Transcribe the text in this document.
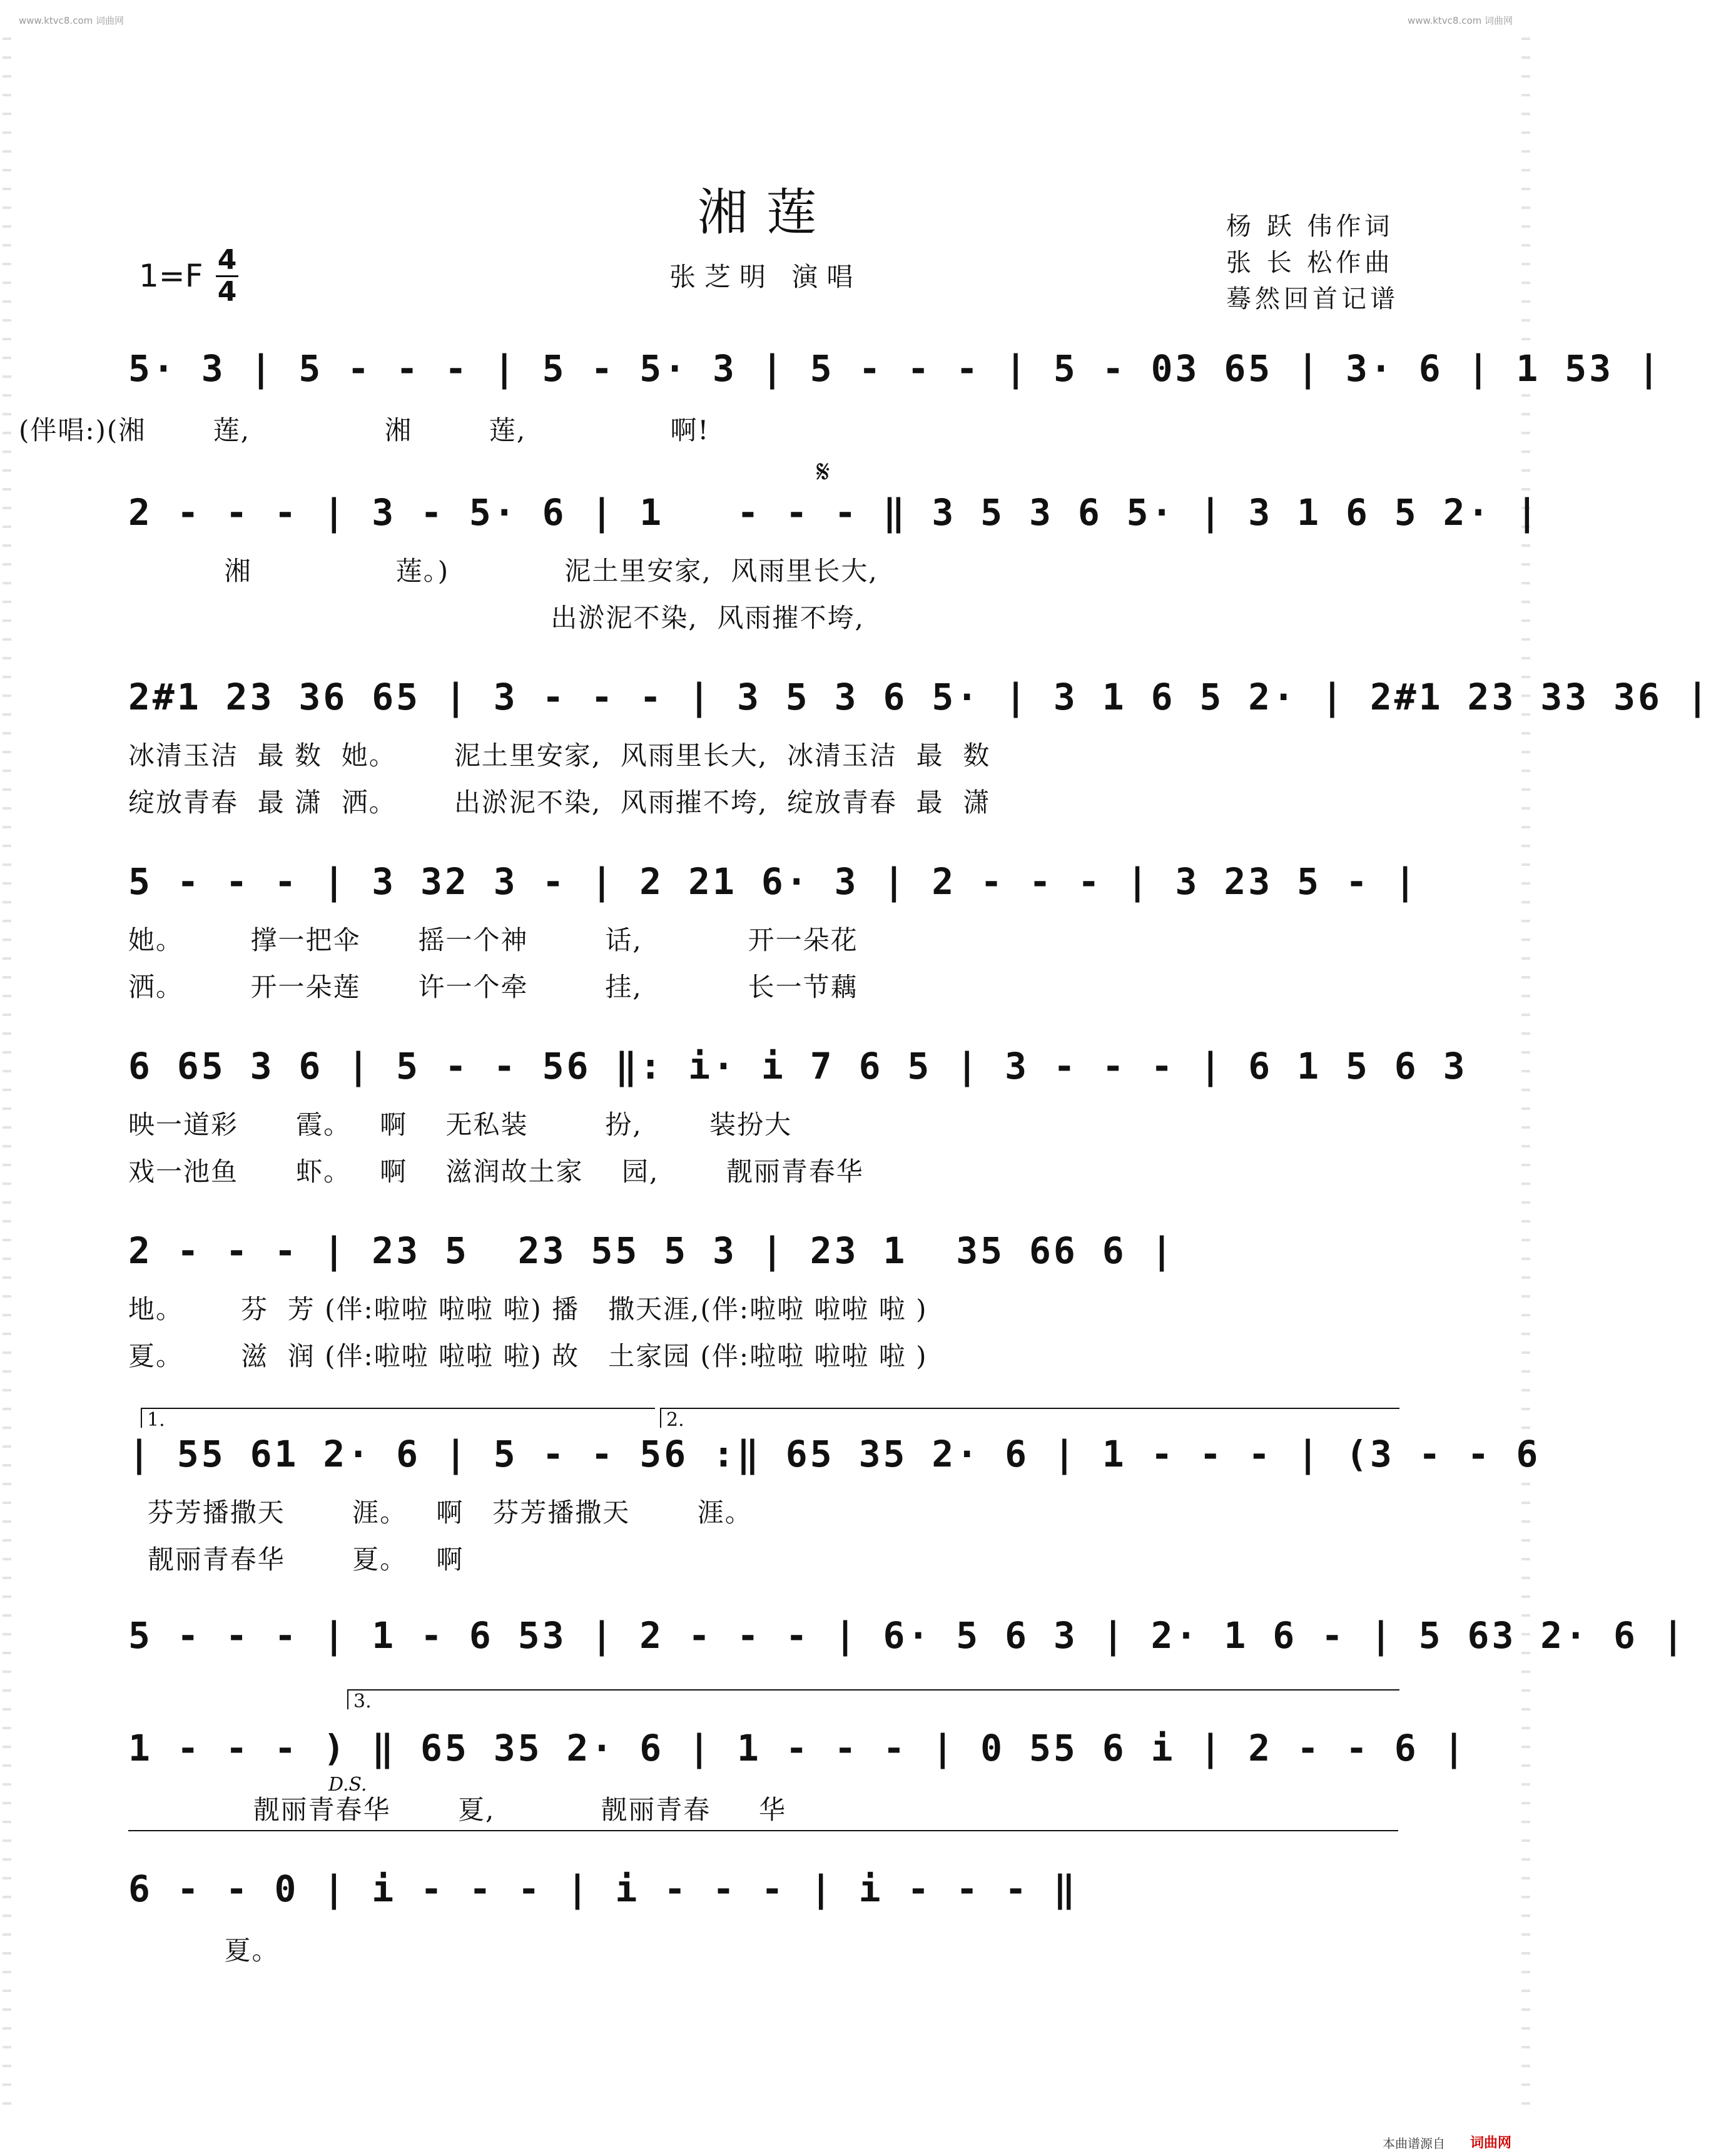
www.ktvc8.com 词曲网	www.ktvc8.com 词曲网
湘莲	杨 跃 伟作词
张 长 松作曲
蓦然回首记谱
张芝明 演唱
1=F 4
4
5· 3 | 5 - - - | 5 - 5· 3 | 5 - - - | 5 - 03 65 | 3· 6 | 1 53 |
(伴唱:)(湘       莲,              湘        莲,               啊!
𝄋
2 - - - | 3 - 5· 6 | 1   - - - ‖ 3 5 3 6 5· | 3 1 6 5 2· |
湘               莲。)            泥土里安家,  风雨里长大,
出淤泥不染,  风雨摧不垮,
2#1 23 36 65 | 3 - - - | 3 5 3 6 5· | 3 1 6 5 2· | 2#1 23 33 36 |
冰清玉洁  最 数  她。      泥土里安家,  风雨里长大,  冰清玉洁  最  数
绽放青春  最 潇  洒。      出淤泥不染,  风雨摧不垮,  绽放青春  最  潇
5 - - - | 3 32 3 - | 2 21 6· 3 | 2 - - - | 3 23 5 - |
她。       撑一把伞      摇一个神        话,           开一朵花
洒。       开一朵莲      许一个牵        挂,           长一节藕
6 65 3 6 | 5 - - 56 ‖: i· i 7 6 5 | 3 - - - | 6 1 5 6 3
映一道彩      霞。   啊    无私装        扮,       装扮大
戏一池鱼      虾。   啊    滋润故土家    园,       靓丽青春华
2 - - - | 23 5  23 55 5 3 | 23 1  35 66 6 |
地。      芬  芳 (伴:啦啦 啦啦 啦) 播   撒天涯,(伴:啦啦 啦啦 啦 )
夏。      滋  润 (伴:啦啦 啦啦 啦) 故   土家园 (伴:啦啦 啦啦 啦 )
1.	2.
| 55 61 2· 6 | 5 - - 56 :‖ 65 35 2· 6 | 1 - - - | (3 - - 6
芬芳播撒天       涯。   啊   芬芳播撒天       涯。
靓丽青春华       夏。   啊
5 - - - | 1 - 6 53 | 2 - - - | 6· 5 6 3 | 2· 1 6 - | 5 63 2· 6 |
3.
1 - - - ) ‖ 65 35 2· 6 | 1 - - - | 0 55 6 i | 2 - - 6 |
D.S.
靓丽青春华       夏,           靓丽青春     华
6 - - 0 | i - - - | i - - - | i - - - ‖
夏。
本曲谱源自 词曲网
